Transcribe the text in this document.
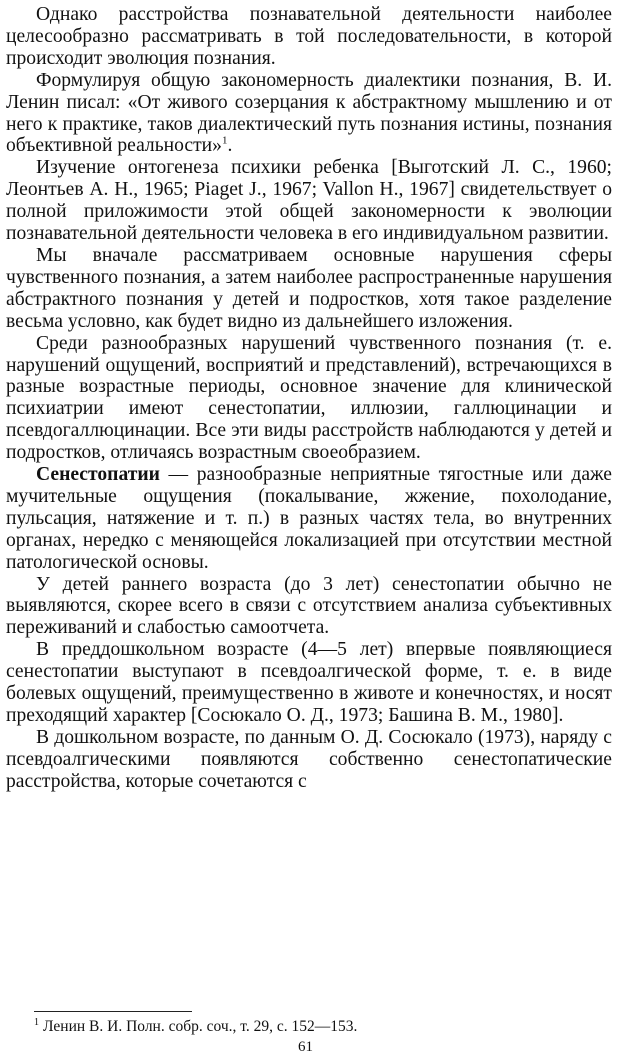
Однако расстройства познавательной деятельности наиболее целесообразно рассматривать в той последовательности, в которой происходит эволюция познания.

Формулируя общую закономерность диалектики познания, В. И. Ленин писал: «От живого созерцания к абстрактному мышлению и от него к практике, таков диалектический путь познания истины, познания объективной реальности»$^1$.

Изучение онтогенеза психики ребенка [Выготский Л. С., 1960; Леонтьев А. Н., 1965; Piaget J., 1967; Vallon H., 1967] свидетельствует о полной приложимости этой общей закономерности к эволюции познавательной деятельности человека в его индивидуальном развитии.

Мы вначале рассматриваем основные нарушения сферы чувственного познания, а затем наиболее распространенные нарушения абстрактного познания у детей и подростков, хотя такое разделение весьма условно, как будет видно из дальнейшего изложения.

Среди разнообразных нарушений чувственного познания (т. е. нарушений ощущений, восприятий и представлений), встречающихся в разные возрастные периоды, основное значение для клинической психиатрии имеют сенестопатии, иллюзии, галлюцинации и псевдогаллюцинации. Все эти виды расстройств наблюдаются у детей и подростков, отличаясь возрастным своеобразием.

Сенестопатии — разнообразные неприятные тягостные или даже мучительные ощущения (покалывание, жжение, похолодание, пульсация, натяжение и т. п.) в разных частях тела, во внутренних органах, нередко с меняющейся локализацией при отсутствии местной патологической основы.

У детей раннего возраста (до 3 лет) сенестопатии обычно не выявляются, скорее всего в связи с отсутствием анализа субъективных переживаний и слабостью самоотчета.

В преддошкольном возрасте (4—5 лет) впервые появляющиеся сенестопатии выступают в псевдоалгической форме, т. е. в виде болевых ощущений, преимущественно в животе и конечностях, и носят преходящий характер [Сосюкало О. Д., 1973; Башина В. М., 1980].

В дошкольном возрасте, по данным О. Д. Сосюкало (1973), наряду с псевдоалгическими появляются собственно сенестопатические расстройства, которые сочетаются с

$^1$ Ленин В. И. Полн. собр. соч., т. 29, с. 152—153.
61
